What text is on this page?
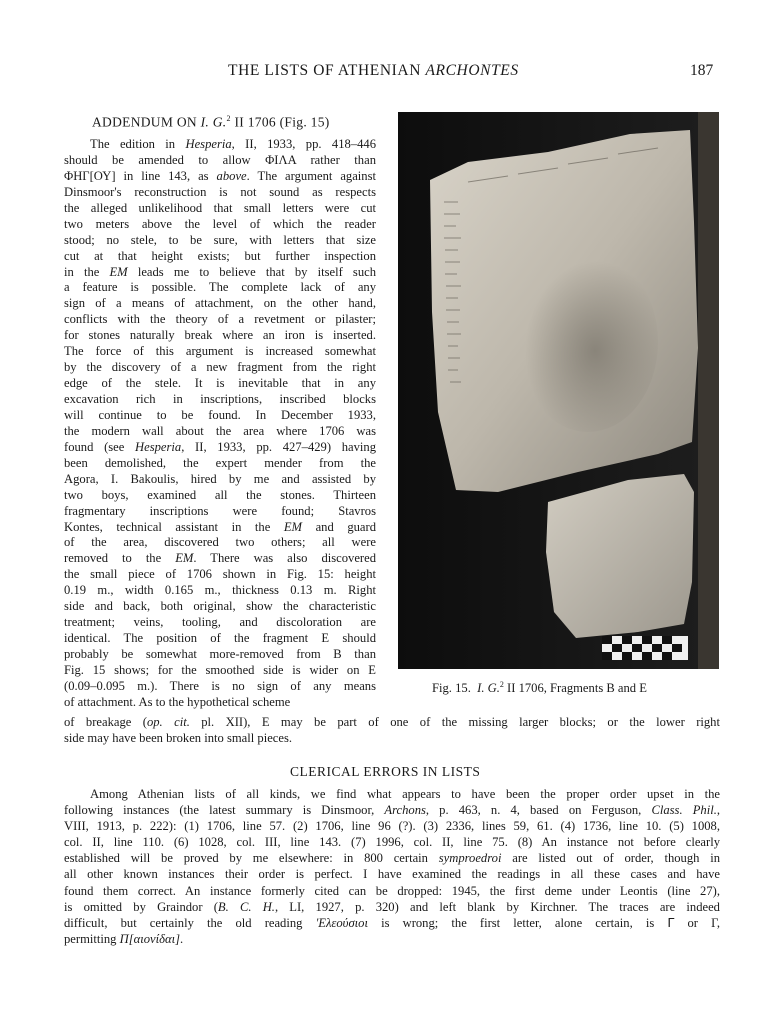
THE LISTS OF ATHENIAN ARCHONTES	187
ADDENDUM ON I. G.$^2$ II 1706 (Fig. 15)
The edition in Hesperia, II, 1933, pp. 418–446
should be amended to allow ΦΙΛΑ rather than
ΦΗΓ[ΟΥ] in line 143, as above. The argument against
Dinsmoor's reconstruction is not sound as respects
the alleged unlikelihood that small letters were cut
two meters above the level of which the reader
stood; no stele, to be sure, with letters that size
cut at that height exists; but further inspection
in the EM leads me to believe that by itself such
a feature is possible. The complete lack of any
sign of a means of attachment, on the other hand,
conflicts with the theory of a revetment or pilaster;
for stones naturally break where an iron is inserted.
The force of this argument is increased somewhat
by the discovery of a new fragment from the right
edge of the stele. It is inevitable that in any
excavation rich in inscriptions, inscribed blocks
will continue to be found. In December 1933,
the modern wall about the area where 1706 was
found (see Hesperia, II, 1933, pp. 427–429) having
been demolished, the expert mender from the
Agora, I. Bakoulis, hired by me and assisted by
two boys, examined all the stones. Thirteen
fragmentary inscriptions were found; Stavros
Kontes, technical assistant in the EM and guard
of the area, discovered two others; all were
removed to the EM. There was also discovered
the small piece of 1706 shown in Fig. 15: height
0.19 m., width 0.165 m., thickness 0.13 m. Right
side and back, both original, show the characteristic
treatment; veins, tooling, and discoloration are
identical. The position of the fragment E should
probably be somewhat more-removed from B than
Fig. 15 shows; for the smoothed side is wider on E
(0.09–0.095 m.). There is no sign of any means
of attachment. As to the hypothetical scheme
Fig. 15. I. G.$^2$ II 1706, Fragments B and E
of breakage (op. cit. pl. XII), E may be part of one of the missing larger blocks; or the lower right
side may have been broken into small pieces.
CLERICAL ERRORS IN LISTS
Among Athenian lists of all kinds, we find what appears to have been the proper order upset in the
following instances (the latest summary is Dinsmoor, Archons, p. 463, n. 4, based on Ferguson, Class. Phil.,
VIII, 1913, p. 222): (1) 1706, line 57. (2) 1706, line 96 (?). (3) 2336, lines 59, 61. (4) 1736, line 10. (5) 1008,
col. II, line 110. (6) 1028, col. III, line 143. (7) 1996, col. II, line 75. (8) An instance not before clearly
established will be proved by me elsewhere: in 800 certain symproedroi are listed out of order, though in
all other known instances their order is perfect. I have examined the readings in all these cases and have
found them correct. An instance formerly cited can be dropped: 1945, the first deme under Leontis (line 27),
is omitted by Graindor (B. C. H., LI, 1927, p. 320) and left blank by Kirchner. The traces are indeed
difficult, but certainly the old reading 'Ελεούσιοι is wrong; the first letter, alone certain, is ᒥ or Γ,
permitting Π[αιονίδαι].
